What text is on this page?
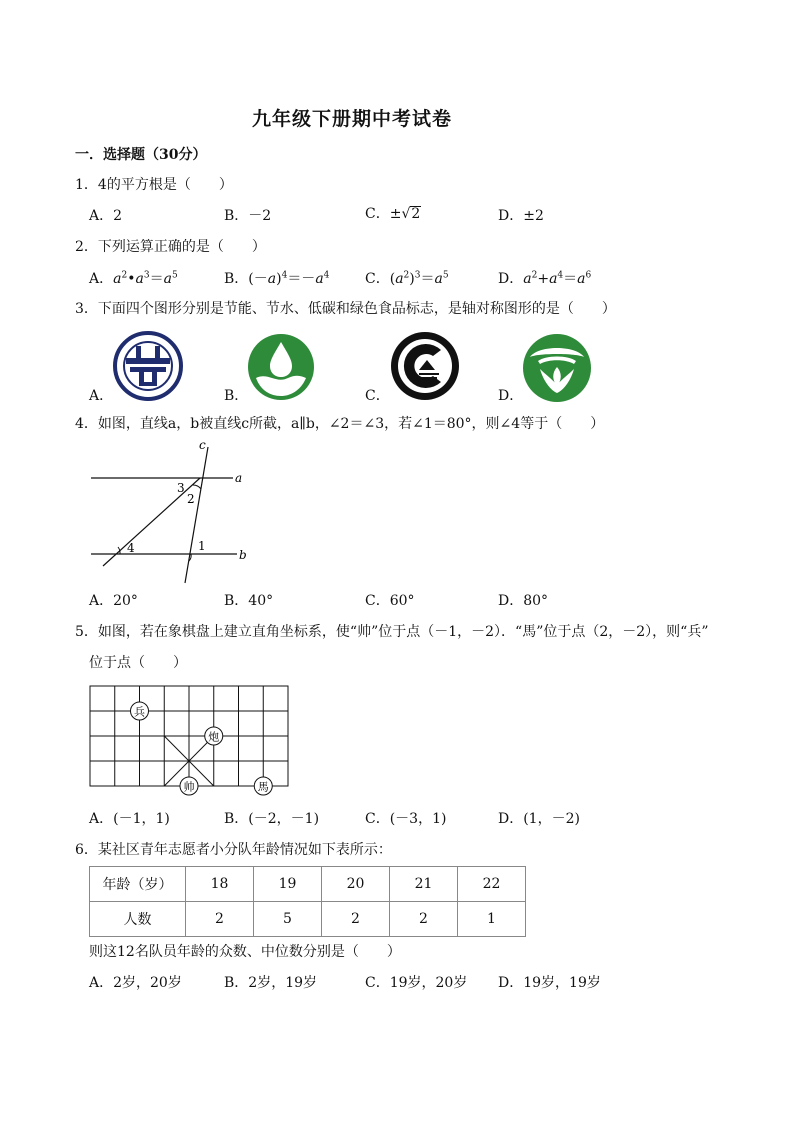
九年级下册期中考试卷
一．选择题（30分）
1．4的平方根是（　　）
A．2	B．－2	C．±√2	D．±2
2．下列运算正确的是（　　）
A．$a^2•a^3=a^5$	B．$(-a)^4=-a^4$	C．$(a^2)^3=a^5$	D．$a^2+a^4=a^6$
3．下面四个图形分别是节能、节水、低碳和绿色食品标志，是轴对称图形的是（　　）
A．	B．	C．	D．
4．如图，直线a，b被直线c所截，a∥b，∠2＝∠3，若∠1＝80°，则∠4等于（　　）
c
a
b
3
2
1
4
A．20°	B．40°	C．60°	D．80°
5．如图，若在象棋盘上建立直角坐标系，使“帅”位于点（－1，－2）．“馬”位于点（2，－2），则“兵”
位于点（　　）
兵
炮
帅	馬
A．(－1，1)	B．(－2，－1)	C．(－3，1)	D．(1，－2)
6．某社区青年志愿者小分队年龄情况如下表所示：
年龄（岁）	18	19	20	21	22
人数	2	5	2	2	1
则这12名队员年龄的众数、中位数分别是（　　）
A．2岁，20岁	B．2岁，19岁	C．19岁，20岁 D．19岁，19岁
